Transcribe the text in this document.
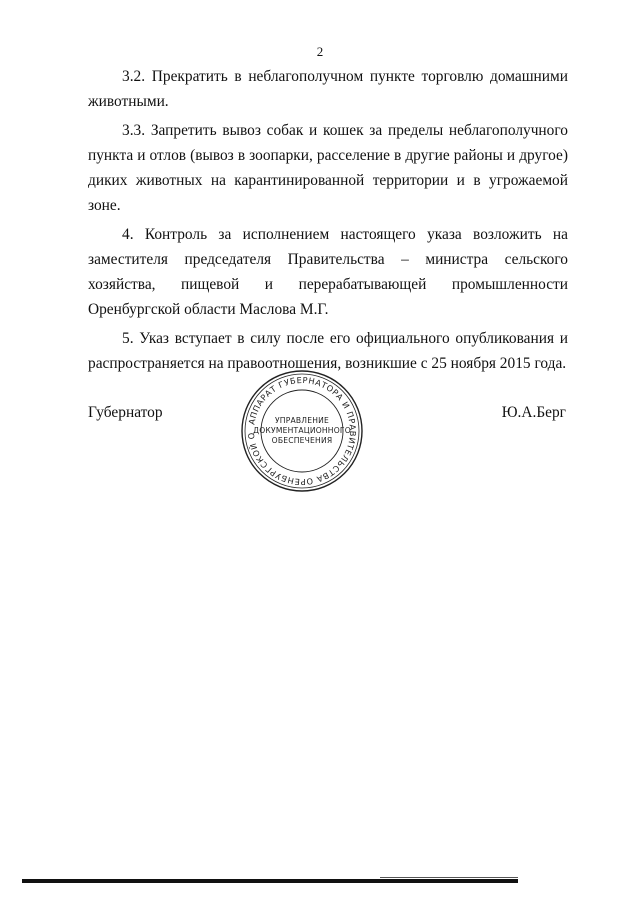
2

3.2. Прекратить в неблагополучном пункте торговлю домашними животными.

3.3. Запретить вывоз собак и кошек за пределы неблагополучного пункта и отлов (вывоз в зоопарки, расселение в другие районы и другое) диких животных на карантинированной территории и в угрожаемой зоне.

4. Контроль за исполнением настоящего указа возложить на заместителя председателя Правительства – министра сельского хозяйства, пищевой и перерабатывающей промышленности Оренбургской области Маслова М.Г.

5. Указ вступает в силу после его официального опубликования и распространяется на правоотношения, возникшие с 25 ноября 2015 года.

Губернатор	Ю.А.Берг
АППАРАТ ГУБЕРНАТОРА И ПРАВИТЕЛЬСТВА ОРЕНБУРГСКОЙ О
УПРАВЛЕНИЕ
ДОКУМЕНТАЦИОННОГО
ОБЕСПЕЧЕНИЯ
